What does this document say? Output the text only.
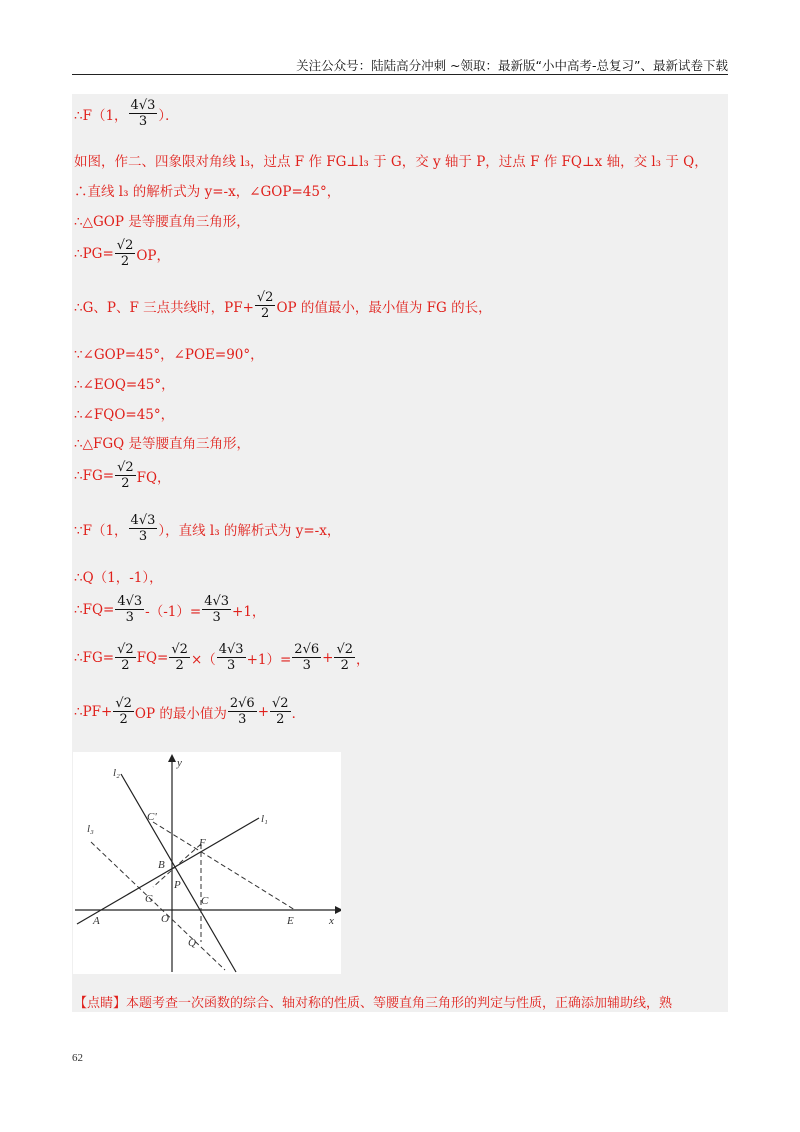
关注公众号：陆陆高分冲刺 ~领取：最新版“小中高考-总复习”、最新试卷下载
∴F（1， $\frac{4√3}{3}$ ）．
如图，作二、四象限对角线 l₃，过点 F 作 FG⊥l₃ 于 G，交 y 轴于 P，过点 F 作 FQ⊥x 轴，交 l₃ 于 Q，
∴直线 l₃ 的解析式为 y=-x，∠GOP=45°，
∴△GOP 是等腰直角三角形，
∴PG= $\frac{√2}{2}$ OP，
∴G、P、F 三点共线时，$PF+ \frac{√2}{2}$ OP 的值最小，最小值为 FG 的长，
∵∠GOP=45°，∠POE=90°，
∴∠EOQ=45°，
∴∠FQO=45°，
∴△FGQ 是等腰直角三角形，
∴FG= $\frac{√2}{2}$ FQ，
∵F（1， $\frac{4√3}{3}$ ），直线 l₃ 的解析式为 y=-x，
∴Q（1，-1），
∴FQ= $\frac{4√3}{3} -(-1)= \frac{4√3}{3} +1$，
∴FG= $\frac{√2}{2} FQ= \frac{√2}{2}$ ×（ $\frac{4√3}{3} +1)= \frac{2√6}{3} + \frac{√2}{2}$ ，
∴PF+ $\frac{√2}{2}$ OP 的最小值为 $\frac{2√6}{3} + \frac{√2}{2}$ ．
y
x
l₂
l₁
l₃
C'
F
B
P
G
A	O
C
E
Q
【点睛】本题考查一次函数的综合、轴对称的性质、等腰直角三角形的判定与性质，正确添加辅助线，熟
62
